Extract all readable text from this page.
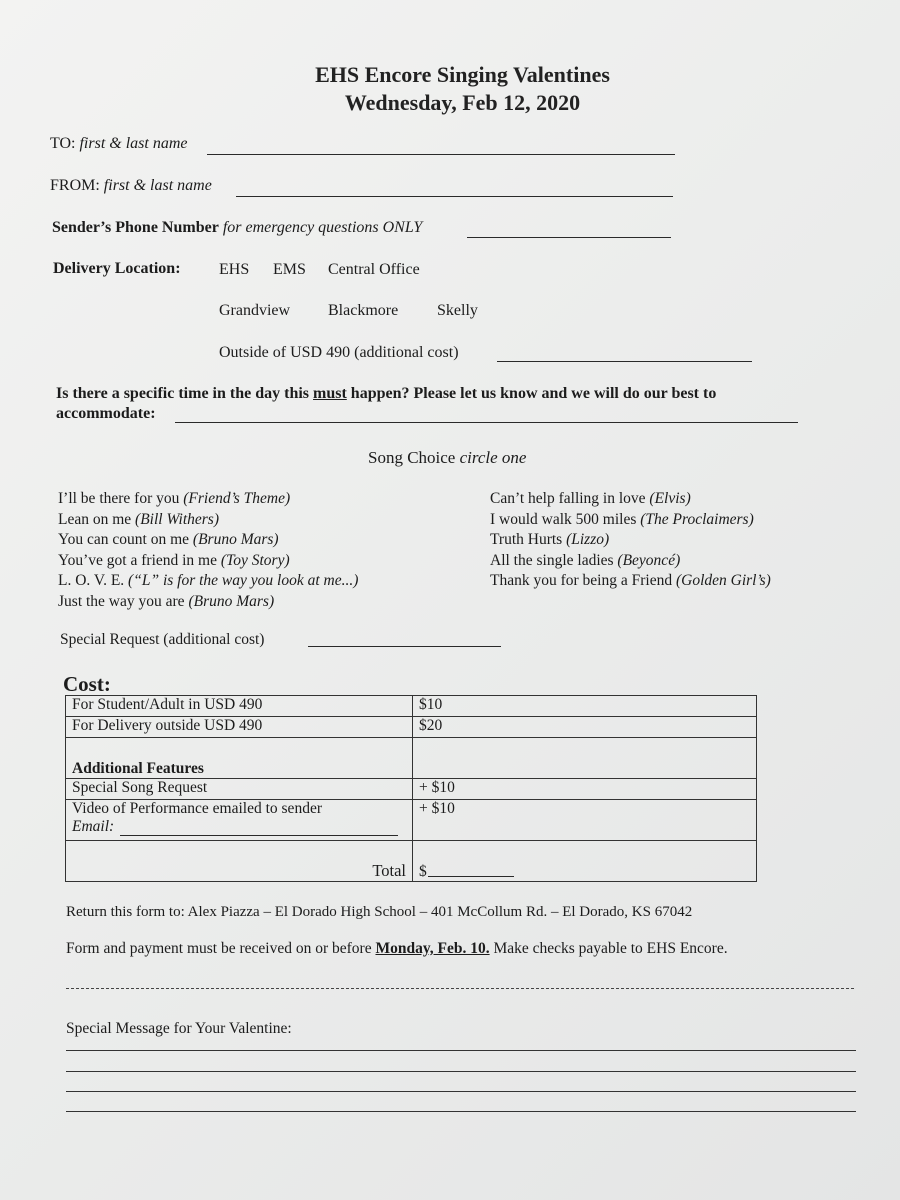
EHS Encore Singing Valentines
Wednesday, Feb 12, 2020
TO: first & last name
FROM: first & last name
Sender’s Phone Number for emergency questions ONLY
Delivery Location: EHS EMS Central Office
Grandview Blackmore Skelly
Outside of USD 490 (additional cost)
Is there a specific time in the day this must happen? Please let us know and we will do our best to
accommodate:
Song Choice circle one
I’ll be there for you (Friend’s Theme)
Lean on me (Bill Withers)
You can count on me (Bruno Mars)
You’ve got a friend in me (Toy Story)
L. O. V. E. (“L” is for the way you look at me...)
Just the way you are (Bruno Mars)
Can’t help falling in love (Elvis)
I would walk 500 miles (The Proclaimers)
Truth Hurts (Lizzo)
All the single ladies (Beyoncé)
Thank you for being a Friend (Golden Girl’s)
Special Request (additional cost)
Cost:
For Student/Adult in USD 490	$10
For Delivery outside USD 490	$20
Additional Features	
Special Song Request	+ $10

Video of Performance emailed to sender
Email:	+ $10
Total	$
Return this form to: Alex Piazza – El Dorado High School – 401 McCollum Rd. – El Dorado, KS 67042
Form and payment must be received on or before Monday, Feb. 10. Make checks payable to EHS Encore.
Special Message for Your Valentine:
